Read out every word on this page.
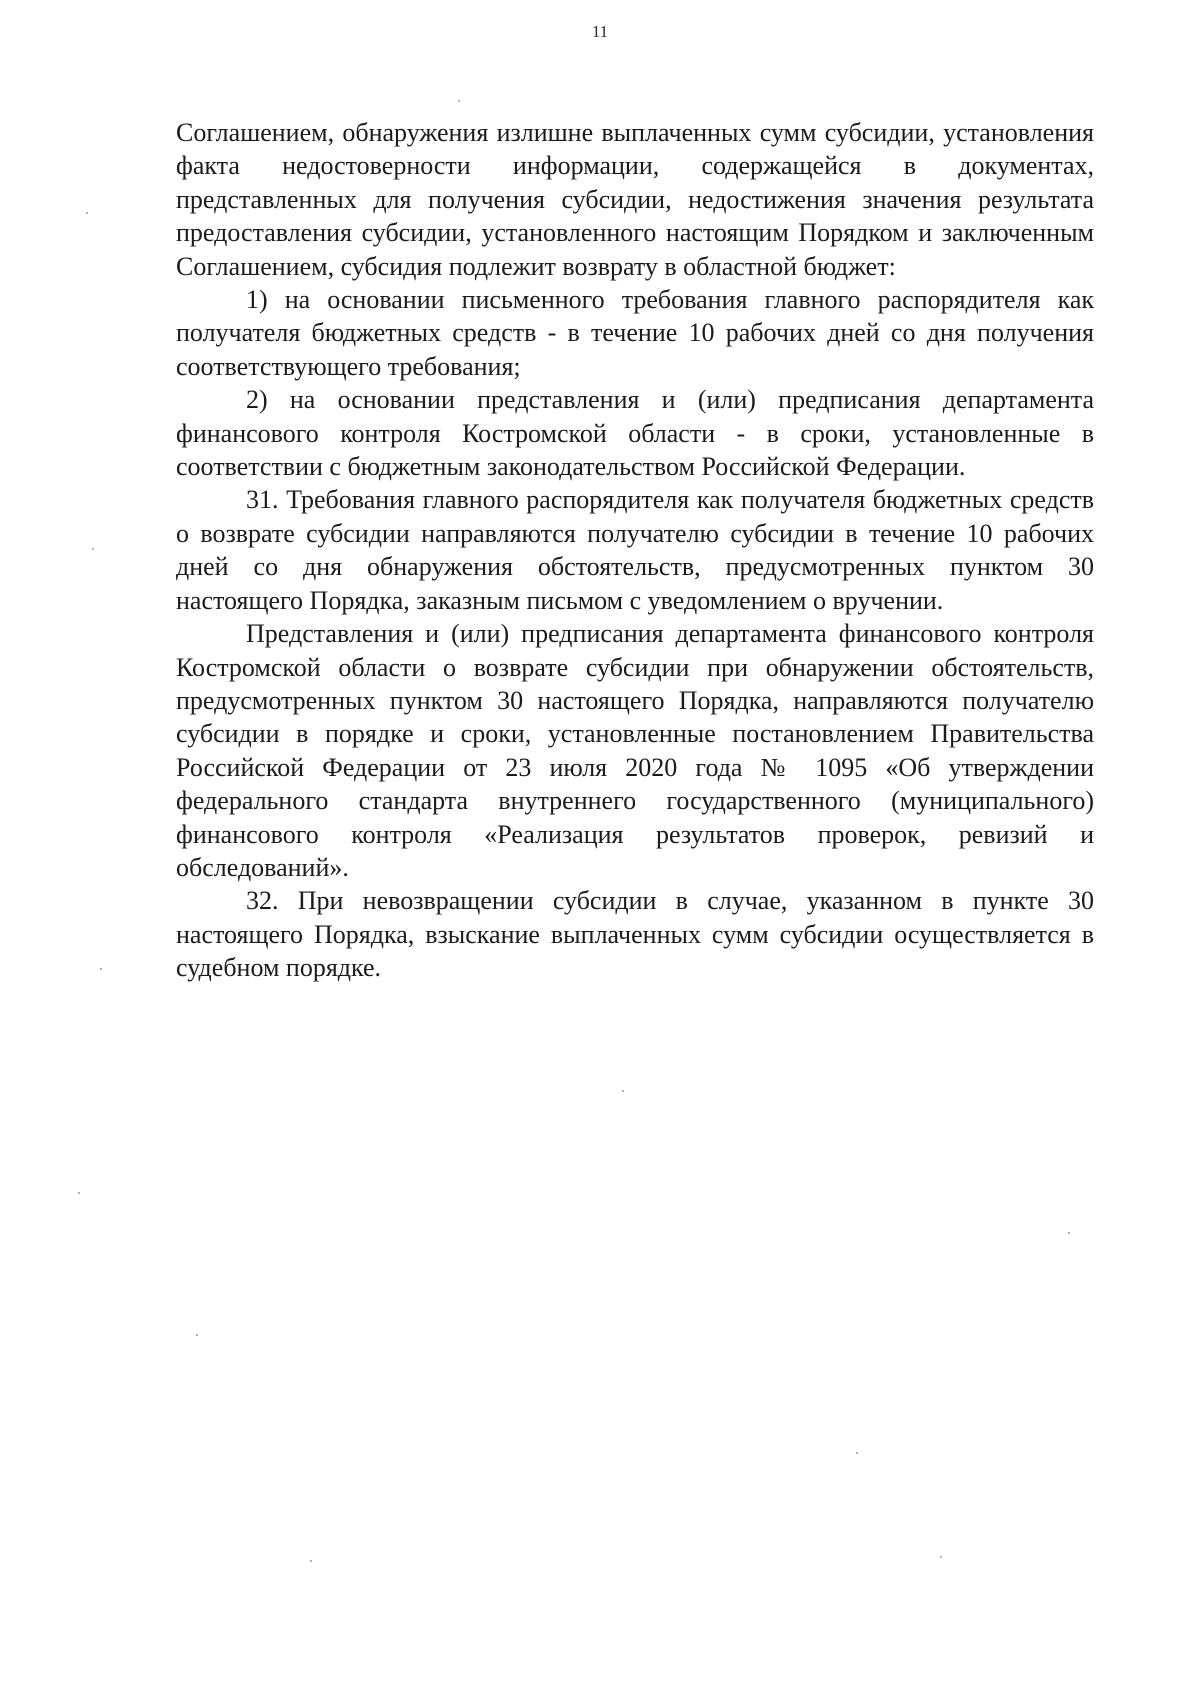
11

Соглашением, обнаружения излишне выплаченных сумм субсидии, установления факта недостоверности информации, содержащейся в документах, представленных для получения субсидии, недостижения значения результата предоставления субсидии, установленного настоящим Порядком и заключенным Соглашением, субсидия подлежит возврату в областной бюджет:

1) на основании письменного требования главного распорядителя как получателя бюджетных средств - в течение 10 рабочих дней со дня получения соответствующего требования;

2) на основании представления и (или) предписания департамента финансового контроля Костромской области - в сроки, установленные в соответствии с бюджетным законодательством Российской Федерации.

31. Требования главного распорядителя как получателя бюджетных средств о возврате субсидии направляются получателю субсидии в течение 10 рабочих дней со дня обнаружения обстоятельств, предусмотренных пунктом 30 настоящего Порядка, заказным письмом с уведомлением о вручении.

Представления и (или) предписания департамента финансового контроля Костромской области о возврате субсидии при обнаружении обстоятельств, предусмотренных пунктом 30 настоящего Порядка, направляются получателю субсидии в порядке и сроки, установленные постановлением Правительства Российской Федерации от 23 июля 2020 года № 1095 «Об утверждении федерального стандарта внутреннего государственного (муниципального) финансового контроля «Реализация результатов проверок, ревизий и обследований».

32. При невозвращении субсидии в случае, указанном в пункте 30 настоящего Порядка, взыскание выплаченных сумм субсидии осуществляется в судебном порядке.
